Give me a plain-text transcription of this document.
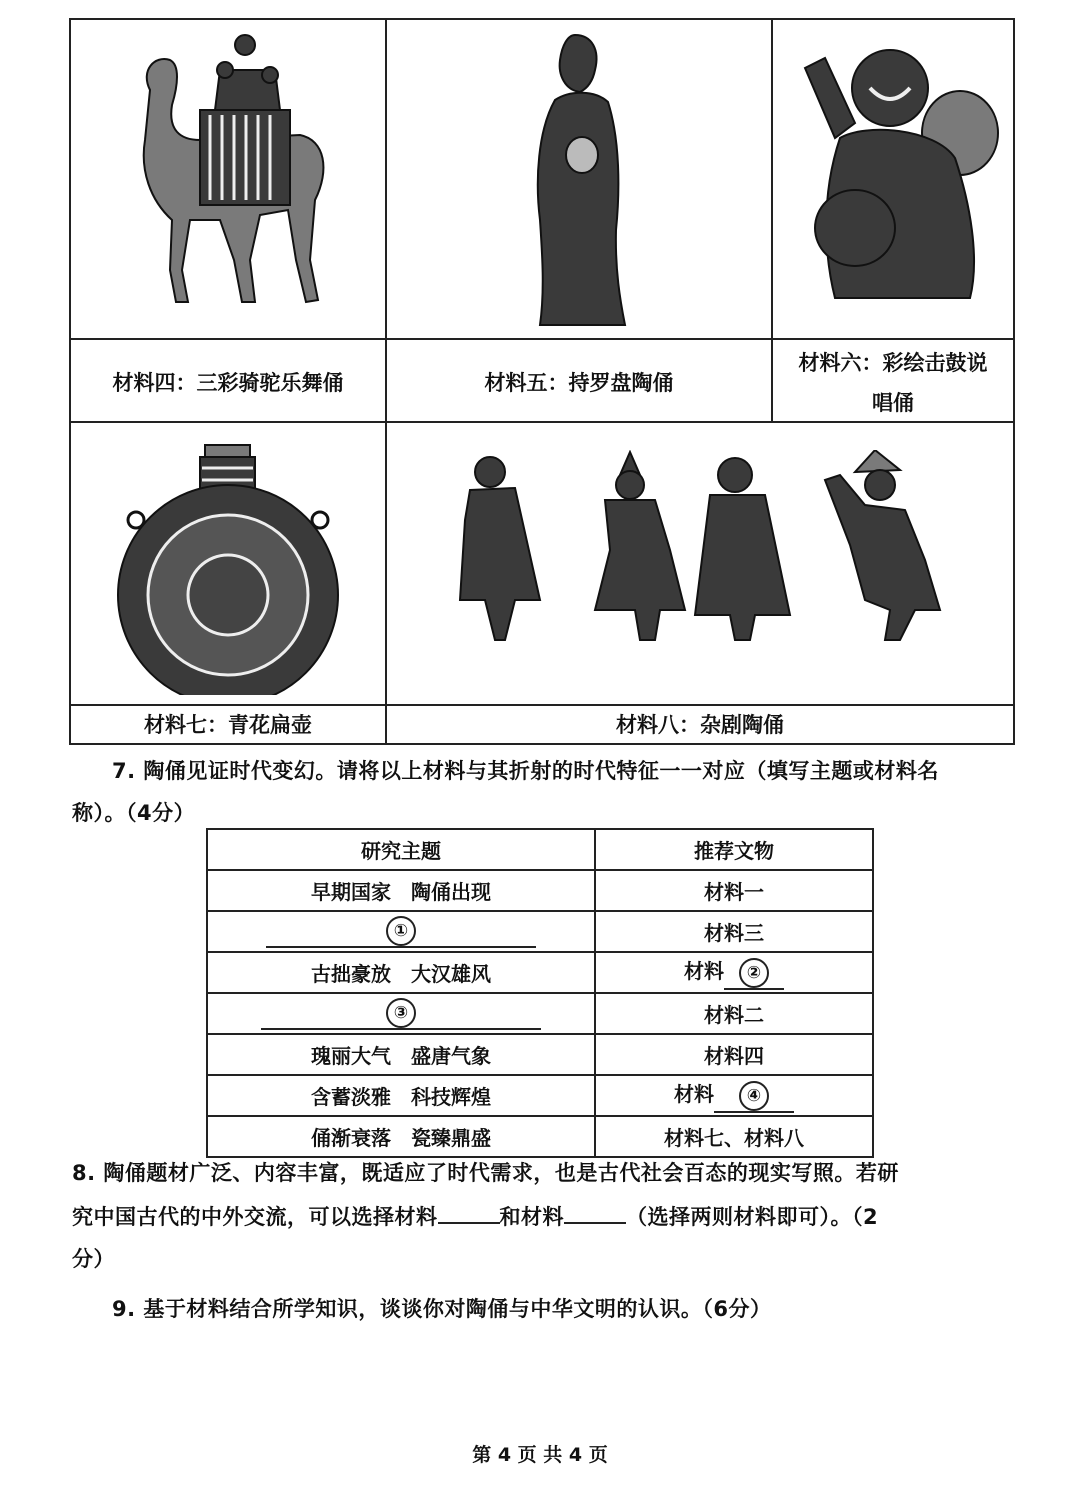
材料四：三彩骑驼乐舞俑	材料五：持罗盘陶俑
材料六：彩绘击鼓说
唱俑
材料七：青花扁壶	材料八：杂剧陶俑
7. 陶俑见证时代变幻。请将以上材料与其折射的时代特征一一对应（填写主题或材料名
称）。（4分）
研究主题	推荐文物
早期国家　陶俑出现	材料一
①	材料三
古拙豪放　大汉雄风	材料 ②
③	材料二
瑰丽大气　盛唐气象	材料四
含蓄淡雅　科技辉煌	材料 ④
俑渐衰落　瓷臻鼎盛	材料七、材料八
8. 陶俑题材广泛、内容丰富，既适应了时代需求，也是古代社会百态的现实写照。若研
究中国古代的中外交流，可以选择材料	和材料	（选择两则材料即可）。（2
分）
9. 基于材料结合所学知识，谈谈你对陶俑与中华文明的认识。（6分）
第 4 页 共 4 页
